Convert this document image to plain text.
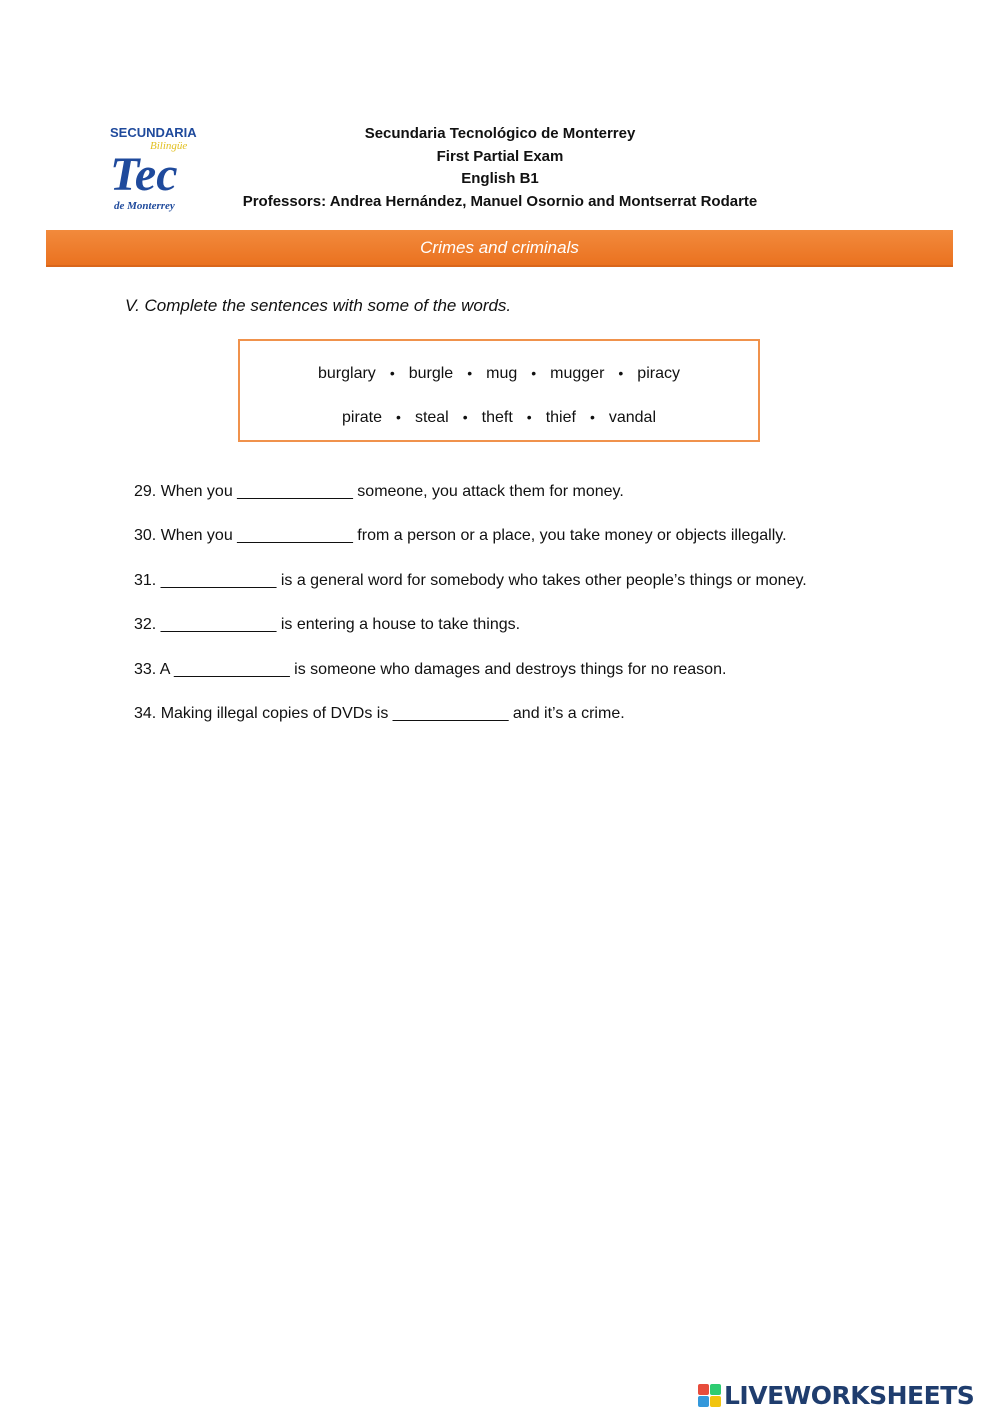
SECUNDARIA
Bilingüe
Tec
de Monterrey
Secundaria Tecnológico de Monterrey
First Partial Exam
English B1
Professors: Andrea Hernández, Manuel Osornio and Montserrat Rodarte
Crimes and criminals
V. Complete the sentences with some of the words.
burglary • burgle • mug • mugger • piracy
pirate • steal • theft • thief • vandal
29. When you _____________ someone, you attack them for money.
30. When you _____________ from a person or a place, you take money or objects illegally.
31. _____________ is a general word for somebody who takes other people’s things or money.
32. _____________ is entering a house to take things.
33. A _____________ is someone who damages and destroys things for no reason.
34. Making illegal copies of DVDs is _____________ and it’s a crime.
LIVEWORKSHEETS
